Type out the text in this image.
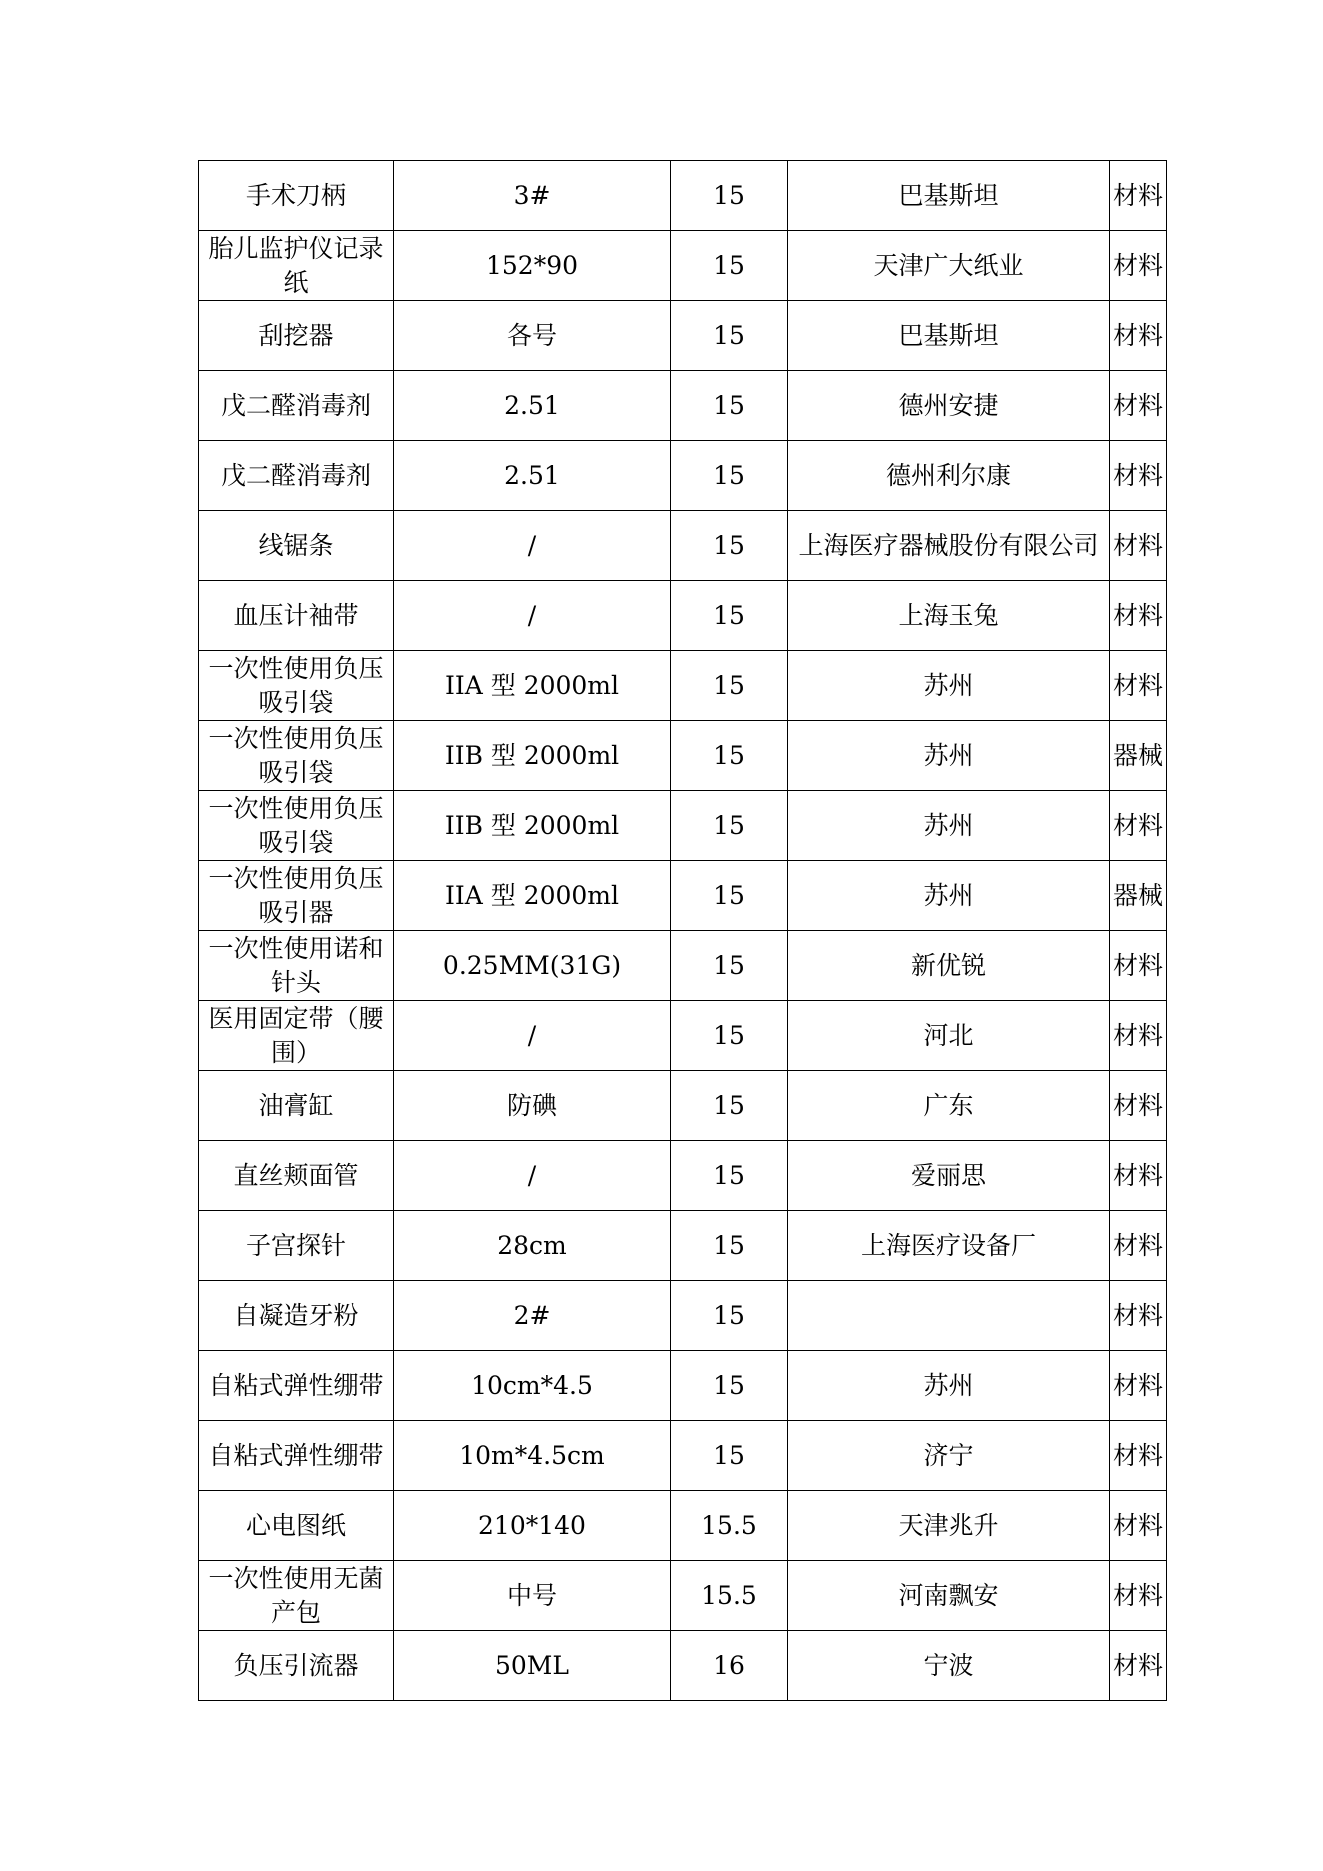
手术刀柄	3#	15	巴基斯坦	材料
胎儿监护仪记录纸	152*90	15	天津广大纸业	材料
刮挖器	各号	15	巴基斯坦	材料
戊二醛消毒剂	2.51	15	德州安捷	材料
戊二醛消毒剂	2.51	15	德州利尔康	材料
线锯条	/	15	上海医疗器械股份有限公司	材料
血压计袖带	/	15	上海玉兔	材料
一次性使用负压吸引袋	IIA 型 2000ml	15	苏州	材料
一次性使用负压吸引袋	IIB 型 2000ml	15	苏州	器械
一次性使用负压吸引袋	IIB 型 2000ml	15	苏州	材料
一次性使用负压吸引器	IIA 型 2000ml	15	苏州	器械
一次性使用诺和针头	0.25MM(31G)	15	新优锐	材料
医用固定带（腰围）	/	15	河北	材料
油膏缸	防碘	15	广东	材料
直丝颊面管	/	15	爱丽思	材料
子宫探针	28cm	15	上海医疗设备厂	材料
自凝造牙粉	2#	15		材料
自粘式弹性绷带	10cm*4.5	15	苏州	材料
自粘式弹性绷带	10m*4.5cm	15	济宁	材料
心电图纸	210*140	15.5	天津兆升	材料
一次性使用无菌产包	中号	15.5	河南飘安	材料
负压引流器	50ML	16	宁波	材料
